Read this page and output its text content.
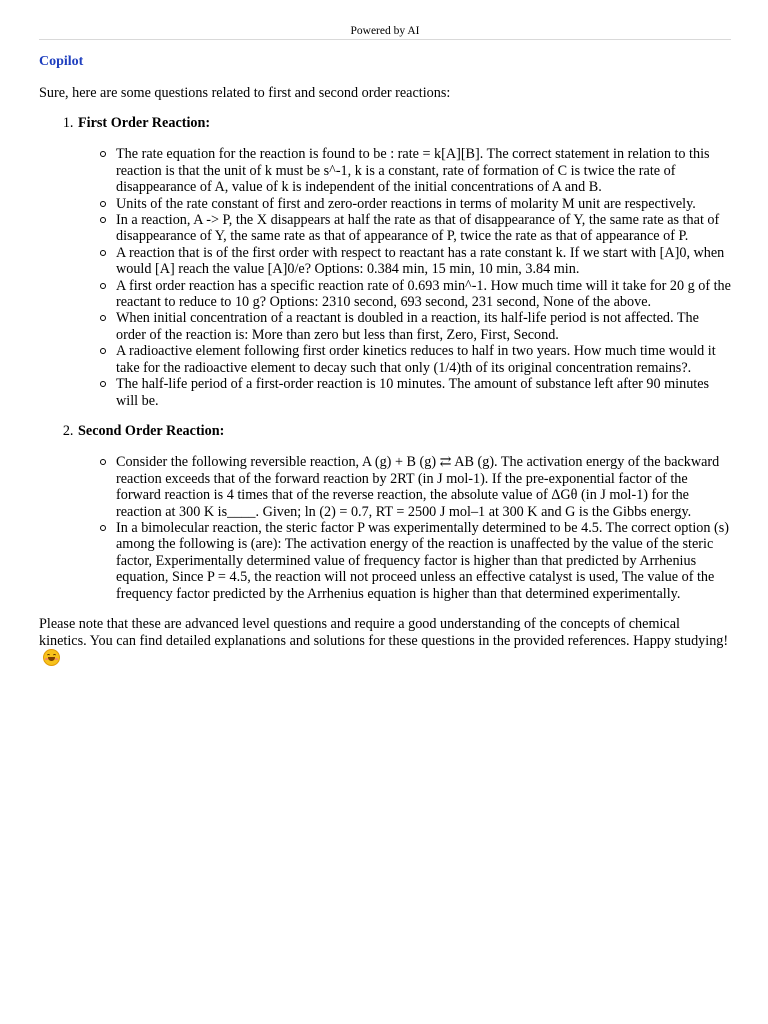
Powered by AI
Copilot
Sure, here are some questions related to first and second order reactions:
1. First Order Reaction:
The rate equation for the reaction is found to be : rate = k[A][B]. The correct statement in relation to this reaction is that the unit of k must be s^-1, k is a constant, rate of formation of C is twice the rate of disappearance of A, value of k is independent of the initial concentrations of A and B.
Units of the rate constant of first and zero-order reactions in terms of molarity M unit are respectively.
In a reaction, A -> P, the X disappears at half the rate as that of disappearance of Y, the same rate as that of disappearance of Y, the same rate as that of appearance of P, twice the rate as that of appearance of P.
A reaction that is of the first order with respect to reactant has a rate constant k. If we start with [A]0, when would [A] reach the value [A]0/e? Options: 0.384 min, 15 min, 10 min, 3.84 min.
A first order reaction has a specific reaction rate of 0.693 min^-1. How much time will it take for 20 g of the reactant to reduce to 10 g? Options: 2310 second, 693 second, 231 second, None of the above.
When initial concentration of a reactant is doubled in a reaction, its half-life period is not affected. The order of the reaction is: More than zero but less than first, Zero, First, Second.
A radioactive element following first order kinetics reduces to half in two years. How much time would it take for the radioactive element to decay such that only (1/4)th of its original concentration remains?.
The half-life period of a first-order reaction is 10 minutes. The amount of substance left after 90 minutes will be.
2. Second Order Reaction:
Consider the following reversible reaction, A (g) + B (g) ⇄ AB (g). The activation energy of the backward reaction exceeds that of the forward reaction by 2RT (in J mol-1). If the pre-exponential factor of the forward reaction is 4 times that of the reverse reaction, the absolute value of ΔGθ (in J mol-1) for the reaction at 300 K is____. Given; ln (2) = 0.7, RT = 2500 J mol–1 at 300 K and G is the Gibbs energy.
In a bimolecular reaction, the steric factor P was experimentally determined to be 4.5. The correct option (s) among the following is (are): The activation energy of the reaction is unaffected by the value of the steric factor, Experimentally determined value of frequency factor is higher than that predicted by Arrhenius equation, Since P = 4.5, the reaction will not proceed unless an effective catalyst is used, The value of the frequency factor predicted by the Arrhenius equation is higher than that determined experimentally.
Please note that these are advanced level questions and require a good understanding of the concepts of chemical kinetics. You can find detailed explanations and solutions for these questions in the provided references. Happy studying!
